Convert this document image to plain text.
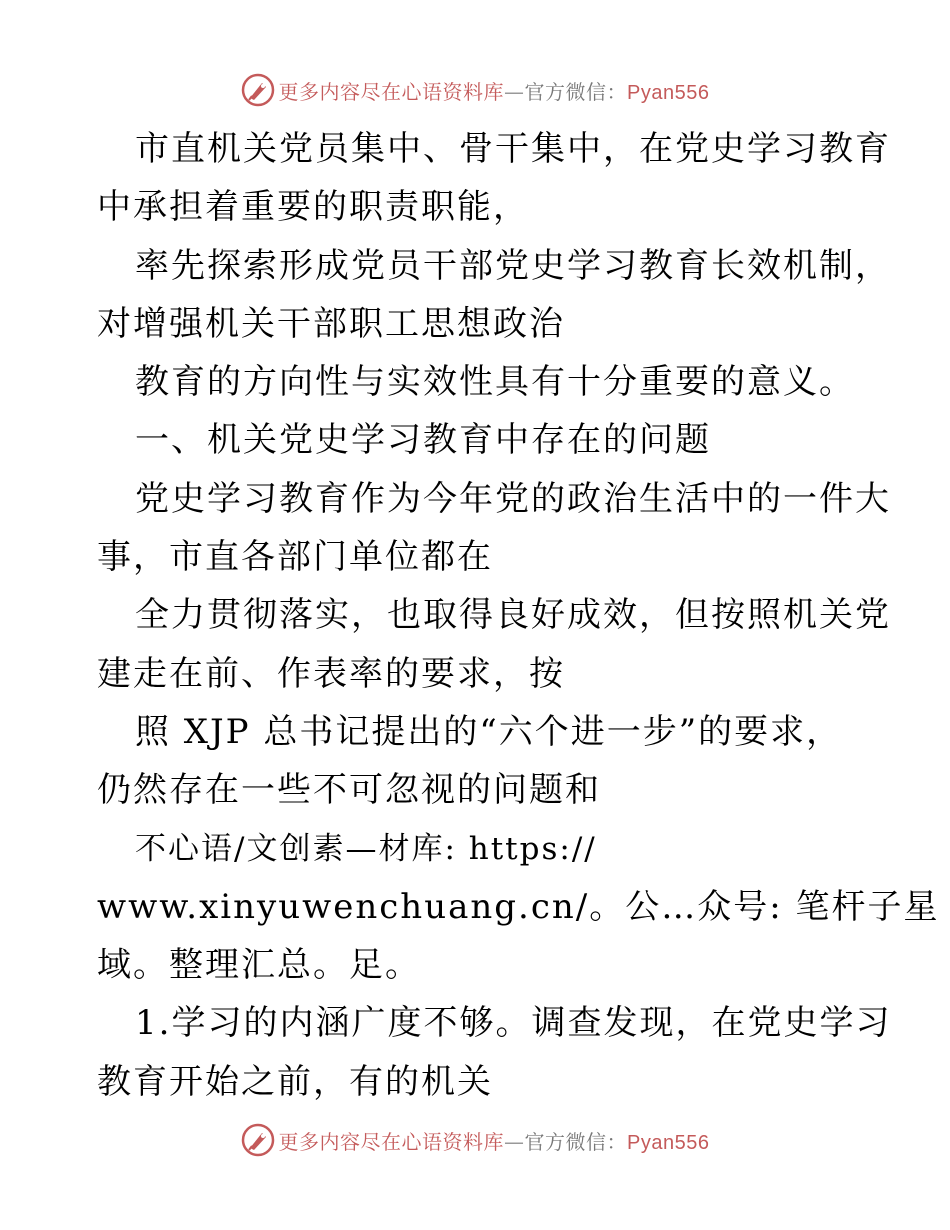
更多内容尽在心语资料库—官方微信：Pyan556
市直机关党员集中、骨干集中，在党史学习教育
中承担着重要的职责职能，
率先探索形成党员干部党史学习教育长效机制，
对增强机关干部职工思想政治
教育的方向性与实效性具有十分重要的意义。
一、机关党史学习教育中存在的问题
党史学习教育作为今年党的政治生活中的一件大
事，市直各部门单位都在
全力贯彻落实，也取得良好成效，但按照机关党
建走在前、作表率的要求，按
照 XJP 总书记提出的“六个进一步”的要求，
仍然存在一些不可忽视的问题和
不心语/文创素—材库: https://
www.xinyuwenchuang.cn/。公…众号: 笔杆子星
域。整理汇总。足。
1.学习的内涵广度不够。调查发现，在党史学习
教育开始之前，有的机关
更多内容尽在心语资料库—官方微信：Pyan556
